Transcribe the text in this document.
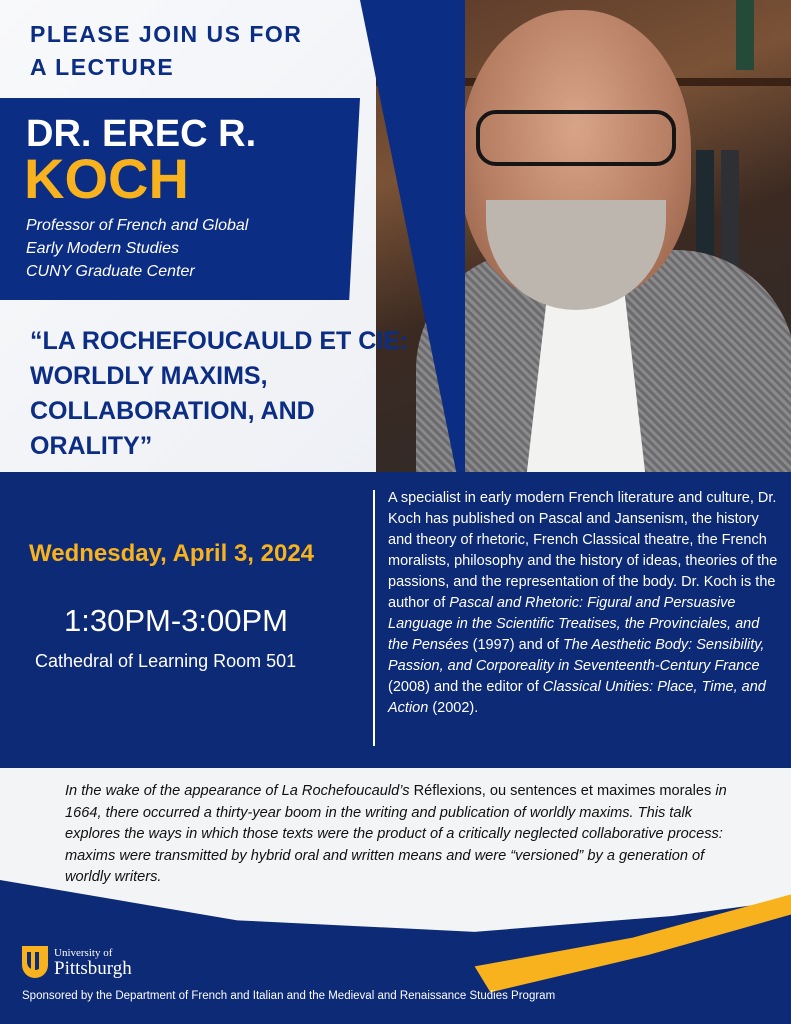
PLEASE JOIN US FOR A LECTURE
DR. EREC R.
KOCH
Professor of French and Global
Early Modern Studies
CUNY Graduate Center
“LA ROCHEFOUCAULD ET CIE: WORLDLY MAXIMS, COLLABORATION, AND ORALITY”
Wednesday, April 3, 2024
1:30PM-3:00PM
Cathedral of Learning Room 501
A specialist in early modern French literature and culture, Dr. Koch has published on Pascal and Jansenism, the history and theory of rhetoric, French Classical theatre, the French moralists, philosophy and the history of ideas, theories of the passions, and the representation of the body. Dr. Koch is the author of Pascal and Rhetoric: Figural and Persuasive Language in the Scientific Treatises, the Provinciales, and the Pensées (1997) and of The Aesthetic Body: Sensibility, Passion, and Corporeality in Seventeenth-Century France (2008) and the editor of Classical Unities: Place, Time, and Action (2002).
In the wake of the appearance of La Rochefoucauld’s Réflexions, ou sentences et maximes morales in 1664, there occurred a thirty-year boom in the writing and publication of worldly maxims. This talk explores the ways in which those texts were the product of a critically neglected collaborative process: maxims were transmitted by hybrid oral and written means and were “versioned” by a generation of worldly writers.
University of
Pittsburgh
Sponsored by the Department of French and Italian and the Medieval and Renaissance Studies Program
